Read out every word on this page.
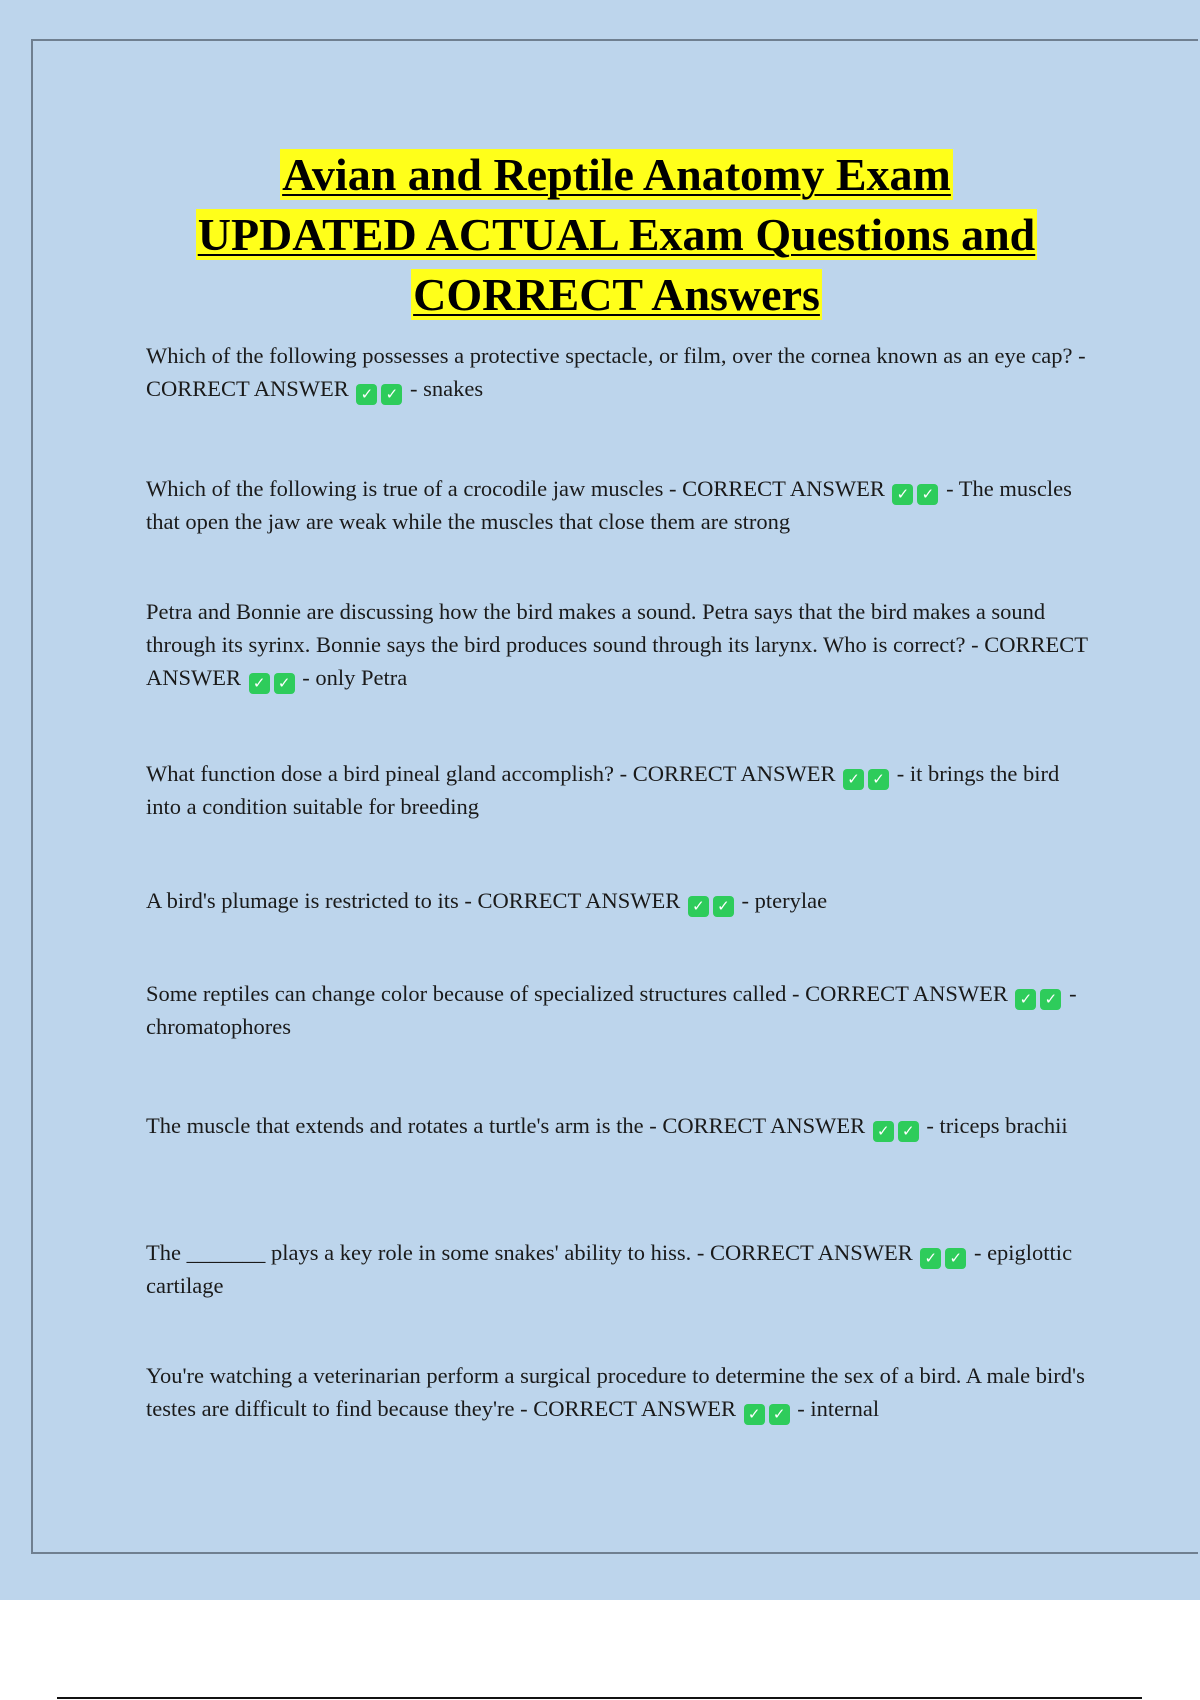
Avian and Reptile Anatomy Exam
UPDATED ACTUAL Exam Questions and
CORRECT Answers

Which of the following possesses a protective spectacle, or film, over the cornea known as an eye cap? - CORRECT ANSWER ✓ ✓ - snakes

Which of the following is true of a crocodile jaw muscles - CORRECT ANSWER ✓ ✓ - The muscles that open the jaw are weak while the muscles that close them are strong

Petra and Bonnie are discussing how the bird makes a sound. Petra says that the bird makes a sound through its syrinx. Bonnie says the bird produces sound through its larynx. Who is correct? - CORRECT ANSWER ✓ ✓ - only Petra

What function dose a bird pineal gland accomplish? - CORRECT ANSWER ✓ ✓ - it brings the bird into a condition suitable for breeding

A bird's plumage is restricted to its - CORRECT ANSWER ✓ ✓ - pterylae

Some reptiles can change color because of specialized structures called - CORRECT ANSWER ✓ ✓ - chromatophores

The muscle that extends and rotates a turtle's arm is the - CORRECT ANSWER ✓ ✓ - triceps brachii

The _______ plays a key role in some snakes' ability to hiss. - CORRECT ANSWER ✓ ✓ - epiglottic cartilage

You're watching a veterinarian perform a surgical procedure to determine the sex of a bird. A male bird's testes are difficult to find because they're - CORRECT ANSWER ✓ ✓ - internal
